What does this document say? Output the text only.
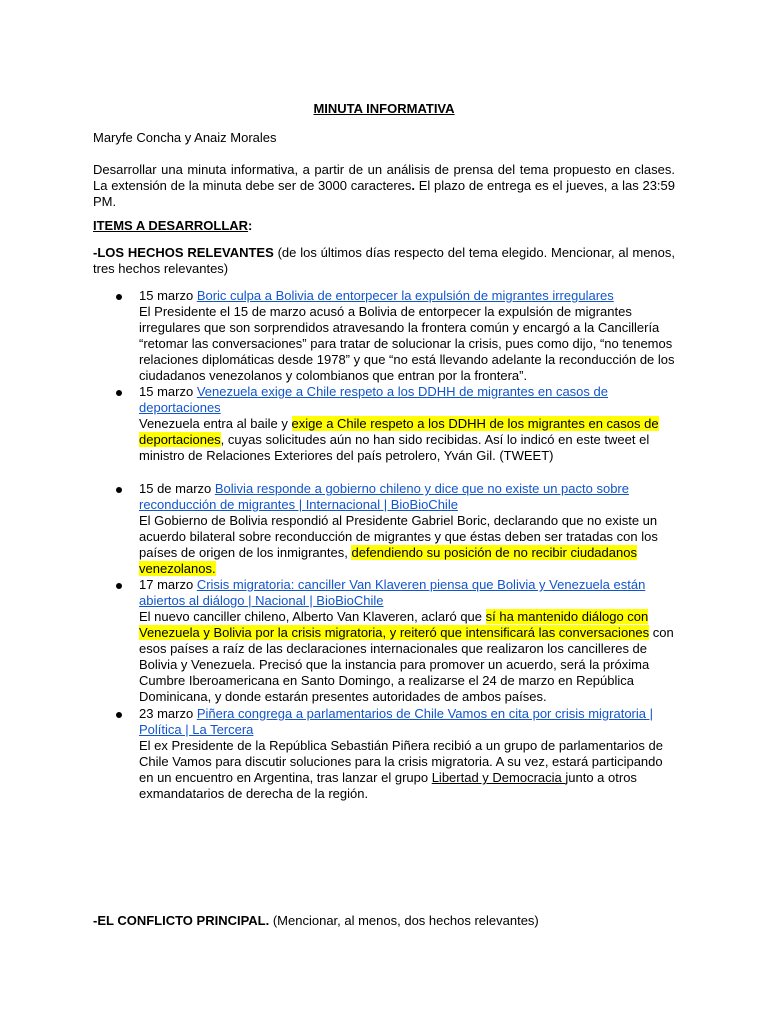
MINUTA INFORMATIVA
Maryfe Concha y Anaiz Morales
Desarrollar una minuta informativa, a partir de un análisis de prensa del tema propuesto en clases. La extensión de la minuta debe ser de 3000 caracteres. El plazo de entrega es el jueves, a las 23:59 PM.
ITEMS A DESARROLLAR:
-LOS HECHOS RELEVANTES (de los últimos días respecto del tema elegido. Mencionar, al menos, tres hechos relevantes)
15 marzo Boric culpa a Bolivia de entorpecer la expulsión de migrantes irregulares
El Presidente el 15 de marzo acusó a Bolivia de entorpecer la expulsión de migrantes irregulares que son sorprendidos atravesando la frontera común y encargó a la Cancillería “retomar las conversaciones” para tratar de solucionar la crisis, pues como dijo, “no tenemos relaciones diplomáticas desde 1978” y que “no está llevando adelante la reconducción de los ciudadanos venezolanos y colombianos que entran por la frontera”.
15 marzo Venezuela exige a Chile respeto a los DDHH de migrantes en casos de deportaciones
Venezuela entra al baile y exige a Chile respeto a los DDHH de los migrantes en casos de deportaciones, cuyas solicitudes aún no han sido recibidas. Así lo indicó en este tweet el ministro de Relaciones Exteriores del país petrolero, Yván Gil. (TWEET)
15 de marzo Bolivia responde a gobierno chileno y dice que no existe un pacto sobre reconducción de migrantes | Internacional | BioBioChile
El Gobierno de Bolivia respondió al Presidente Gabriel Boric, declarando que no existe un acuerdo bilateral sobre reconducción de migrantes y que éstas deben ser tratadas con los países de origen de los inmigrantes, defendiendo su posición de no recibir ciudadanos venezolanos.
17 marzo Crisis migratoria: canciller Van Klaveren piensa que Bolivia y Venezuela están abiertos al diálogo | Nacional | BioBioChile
El nuevo canciller chileno, Alberto Van Klaveren, aclaró que sí ha mantenido diálogo con Venezuela y Bolivia por la crisis migratoria, y reiteró que intensificará las conversaciones con esos países a raíz de las declaraciones internacionales que realizaron los cancilleres de Bolivia y Venezuela. Precisó que la instancia para promover un acuerdo, será la próxima Cumbre Iberoamericana en Santo Domingo, a realizarse el 24 de marzo en República Dominicana, y donde estarán presentes autoridades de ambos países.
23 marzo Piñera congrega a parlamentarios de Chile Vamos en cita por crisis migratoria | Política | La Tercera
El ex Presidente de la República Sebastián Piñera recibió a un grupo de parlamentarios de Chile Vamos para discutir soluciones para la crisis migratoria. A su vez, estará participando en un encuentro en Argentina, tras lanzar el grupo Libertad y Democracia junto a otros exmandatarios de derecha de la región.
-EL CONFLICTO PRINCIPAL. (Mencionar, al menos, dos hechos relevantes)
